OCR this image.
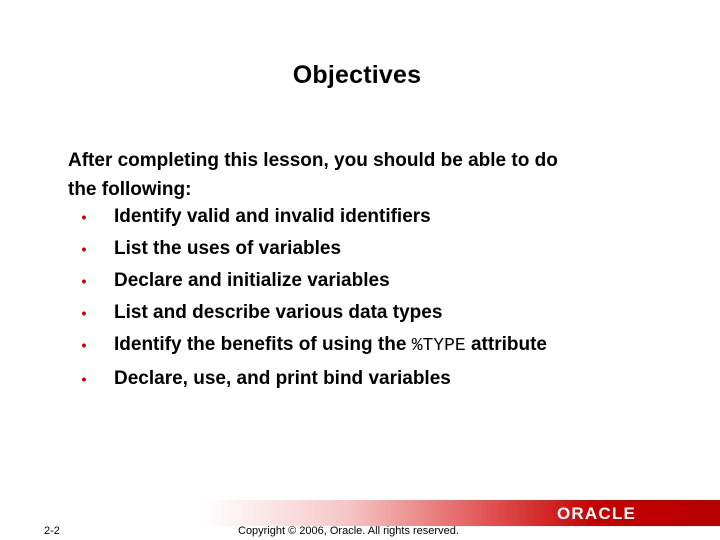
Objectives
After completing this lesson, you should be able to do
the following:
• Identify valid and invalid identifiers
• List the uses of variables
• Declare and initialize variables
• List and describe various data types
• Identify the benefits of using the %TYPE attribute
• Declare, use, and print bind variables
ORACLE
2-2	Copyright © 2006, Oracle. All rights reserved.
